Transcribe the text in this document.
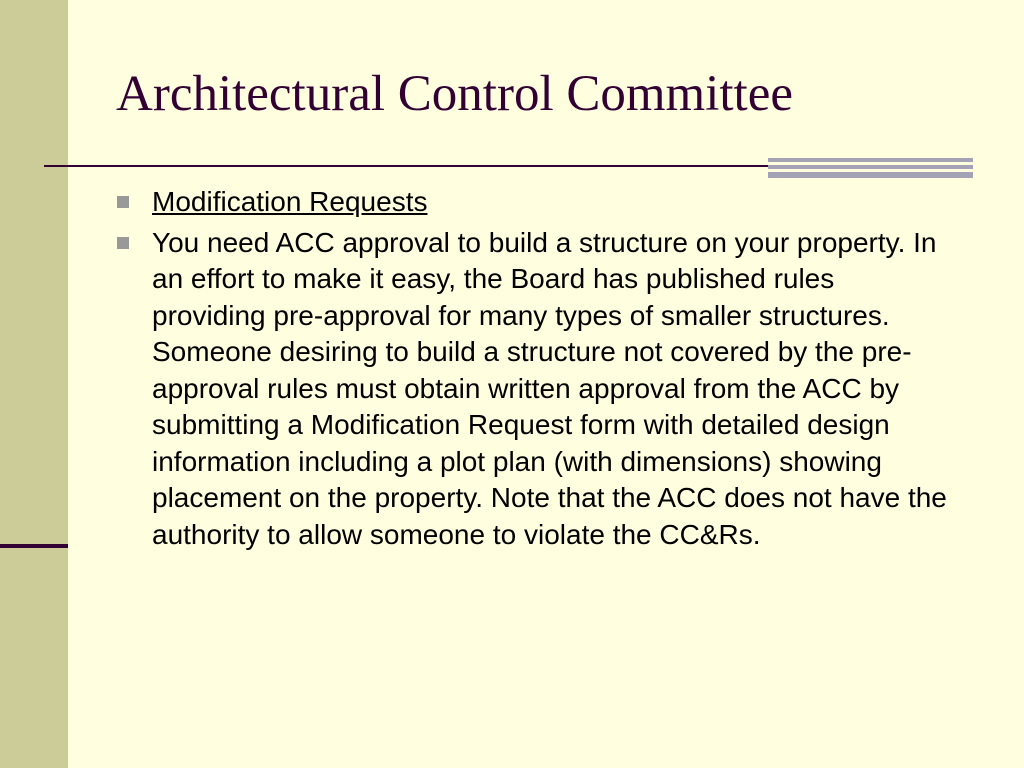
Architectural Control Committee
Modification Requests
You need ACC approval to build a structure on your property. In an effort to make it easy, the Board has published rules providing pre-approval for many types of smaller structures. Someone desiring to build a structure not covered by the pre-approval rules must obtain written approval from the ACC by submitting a Modification Request form with detailed design information including a plot plan (with dimensions) showing placement on the property. Note that the ACC does not have the authority to allow someone to violate the CC&Rs.
